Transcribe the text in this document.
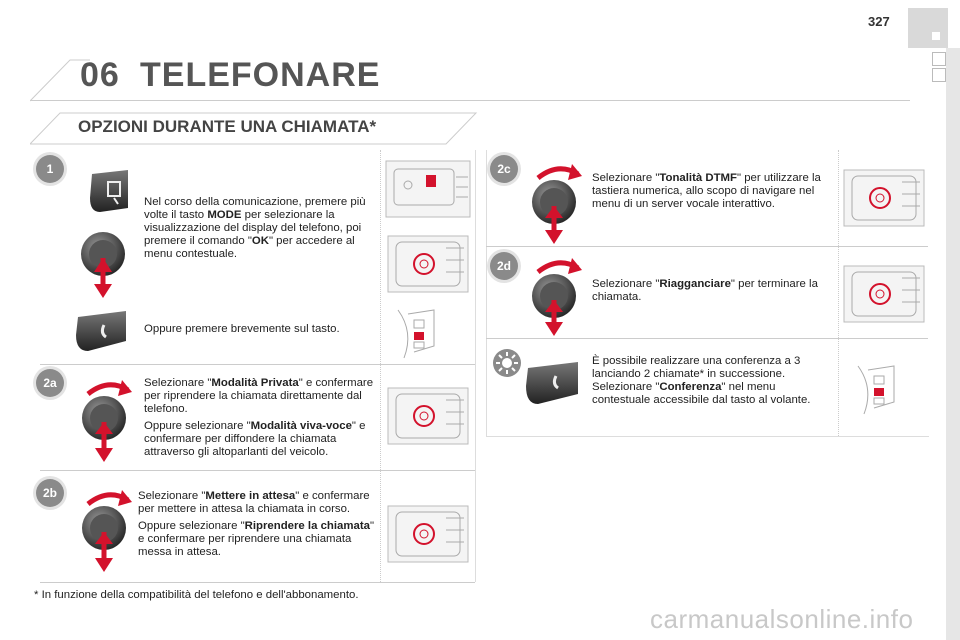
327
06 TELEFONARE
OPZIONI DURANTE UNA CHIAMATA*
1

Nel corso della comunicazione, premere più volte il tasto MODE per selezionare la visualizzazione del display del telefono, poi premere il comando "OK" per accedere al menu contestuale.

Oppure premere brevemente sul tasto.
2a	Selezionare "Modalità Privata" e confermare per riprendere la chiamata direttamente dal telefono.

Oppure selezionare "Modalità viva-voce" e confermare per diffondere la chiamata attraverso gli altoparlanti del veicolo.

2b	Selezionare "Mettere in attesa" e confermare per mettere in attesa la chiamata in corso.

Oppure selezionare "Riprendere la chiamata" e confermare per riprendere una chiamata messa in attesa.

* In funzione della compatibilità del telefono e dell'abbonamento.
2c

Selezionare "Tonalità DTMF" per utilizzare la tastiera numerica, allo scopo di navigare nel menu di un server vocale interattivo.

2d

Selezionare "Riagganciare" per terminare la chiamata.

È possibile realizzare una conferenza a 3 lanciando 2 chiamate* in successione. Selezionare "Conferenza" nel menu contestuale accessibile dal tasto al volante.

carmanualsonline.info
